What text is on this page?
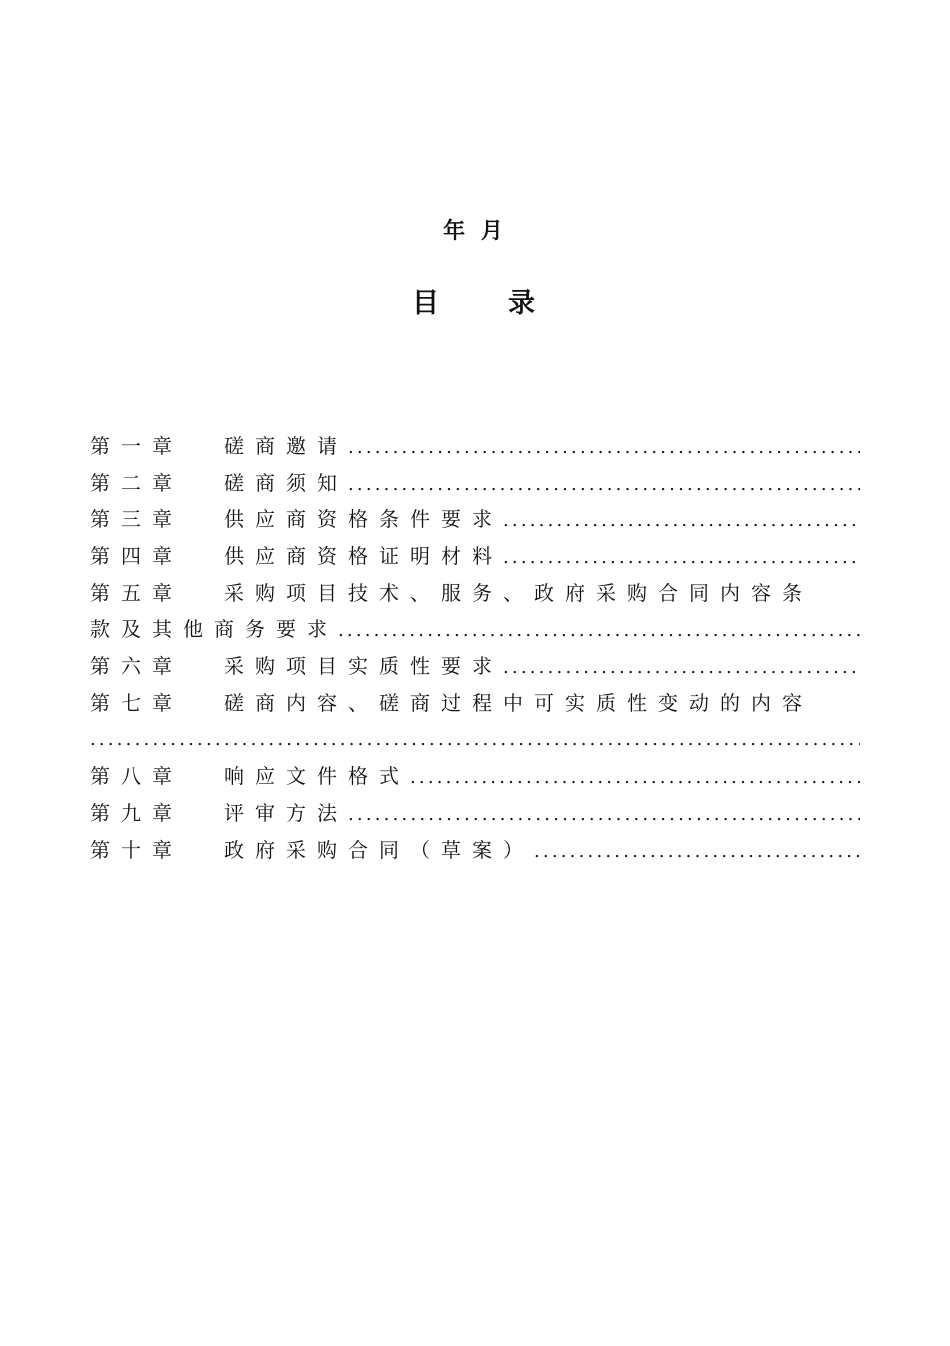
年 月
目	录
第一章	磋商邀请
.....
第二章	磋商须知
.....
第三章	供应商资格条件要求
.....
第四章	供应商资格证明材料
.....
第五章	采购项目技术、服务、政府采购合同内容条
款及其他商务要求
.....
第六章	采购项目实质性要求
.....
第七章	磋商内容、磋商过程中可实质性变动的内容
.....
第八章	响应文件格式
.....
第九章	评审方法
.....
第十章	政府采购合同（草案）
.....
